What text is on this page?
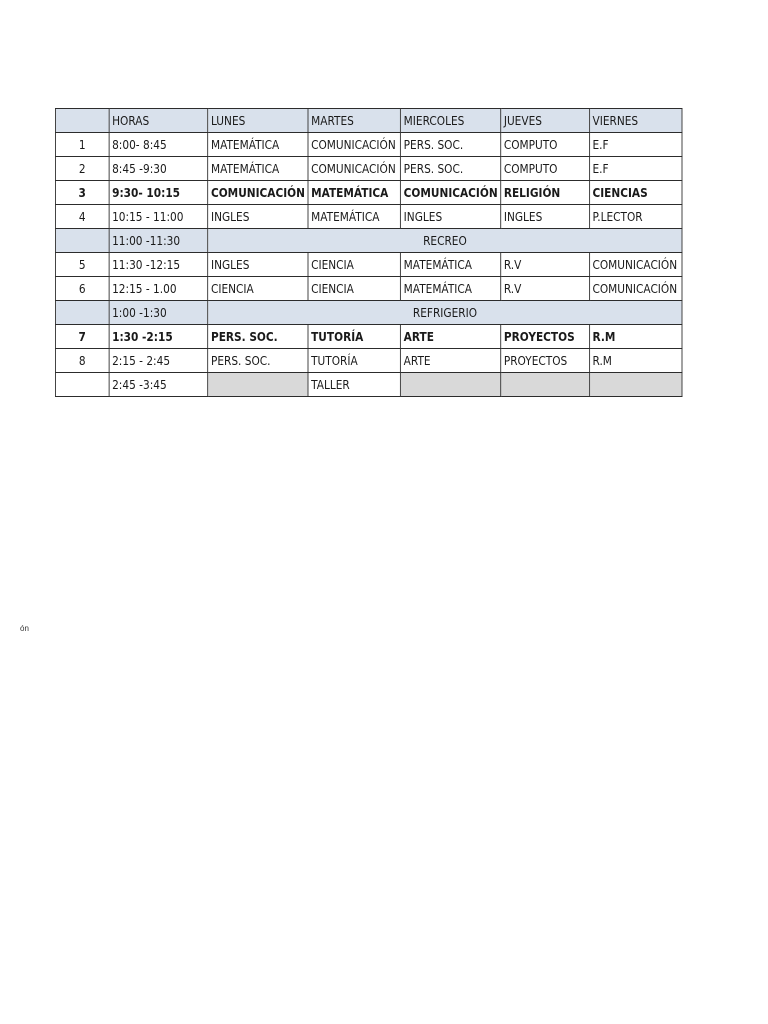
	HORAS	LUNES	MARTES	MIERCOLES	JUEVES	VIERNES
1	8:00- 8:45	MATEMÁTICA	COMUNICACIÓN	PERS. SOC.	COMPUTO	E.F
2	8:45 -9:30	MATEMÁTICA	COMUNICACIÓN	PERS. SOC.	COMPUTO	E.F
3	9:30- 10:15	COMUNICACIÓN	MATEMÁTICA	COMUNICACIÓN	RELIGIÓN	CIENCIAS
4	10:15 - 11:00	INGLES	MATEMÁTICA	INGLES	INGLES	P.LECTOR
	11:00 -11:30	RECREO				
5	11:30 -12:15	INGLES	CIENCIA	MATEMÁTICA	R.V	COMUNICACIÓN
6	12:15 - 1.00	CIENCIA	CIENCIA	MATEMÁTICA	R.V	COMUNICACIÓN
	1:00 -1:30	REFRIGERIO				
7	1:30 -2:15	PERS. SOC.	TUTORÍA	ARTE	PROYECTOS	R.M
8	2:15 - 2:45	PERS. SOC.	TUTORÍA	ARTE	PROYECTOS	R.M
	2:45 -3:45		TALLER			
ón
